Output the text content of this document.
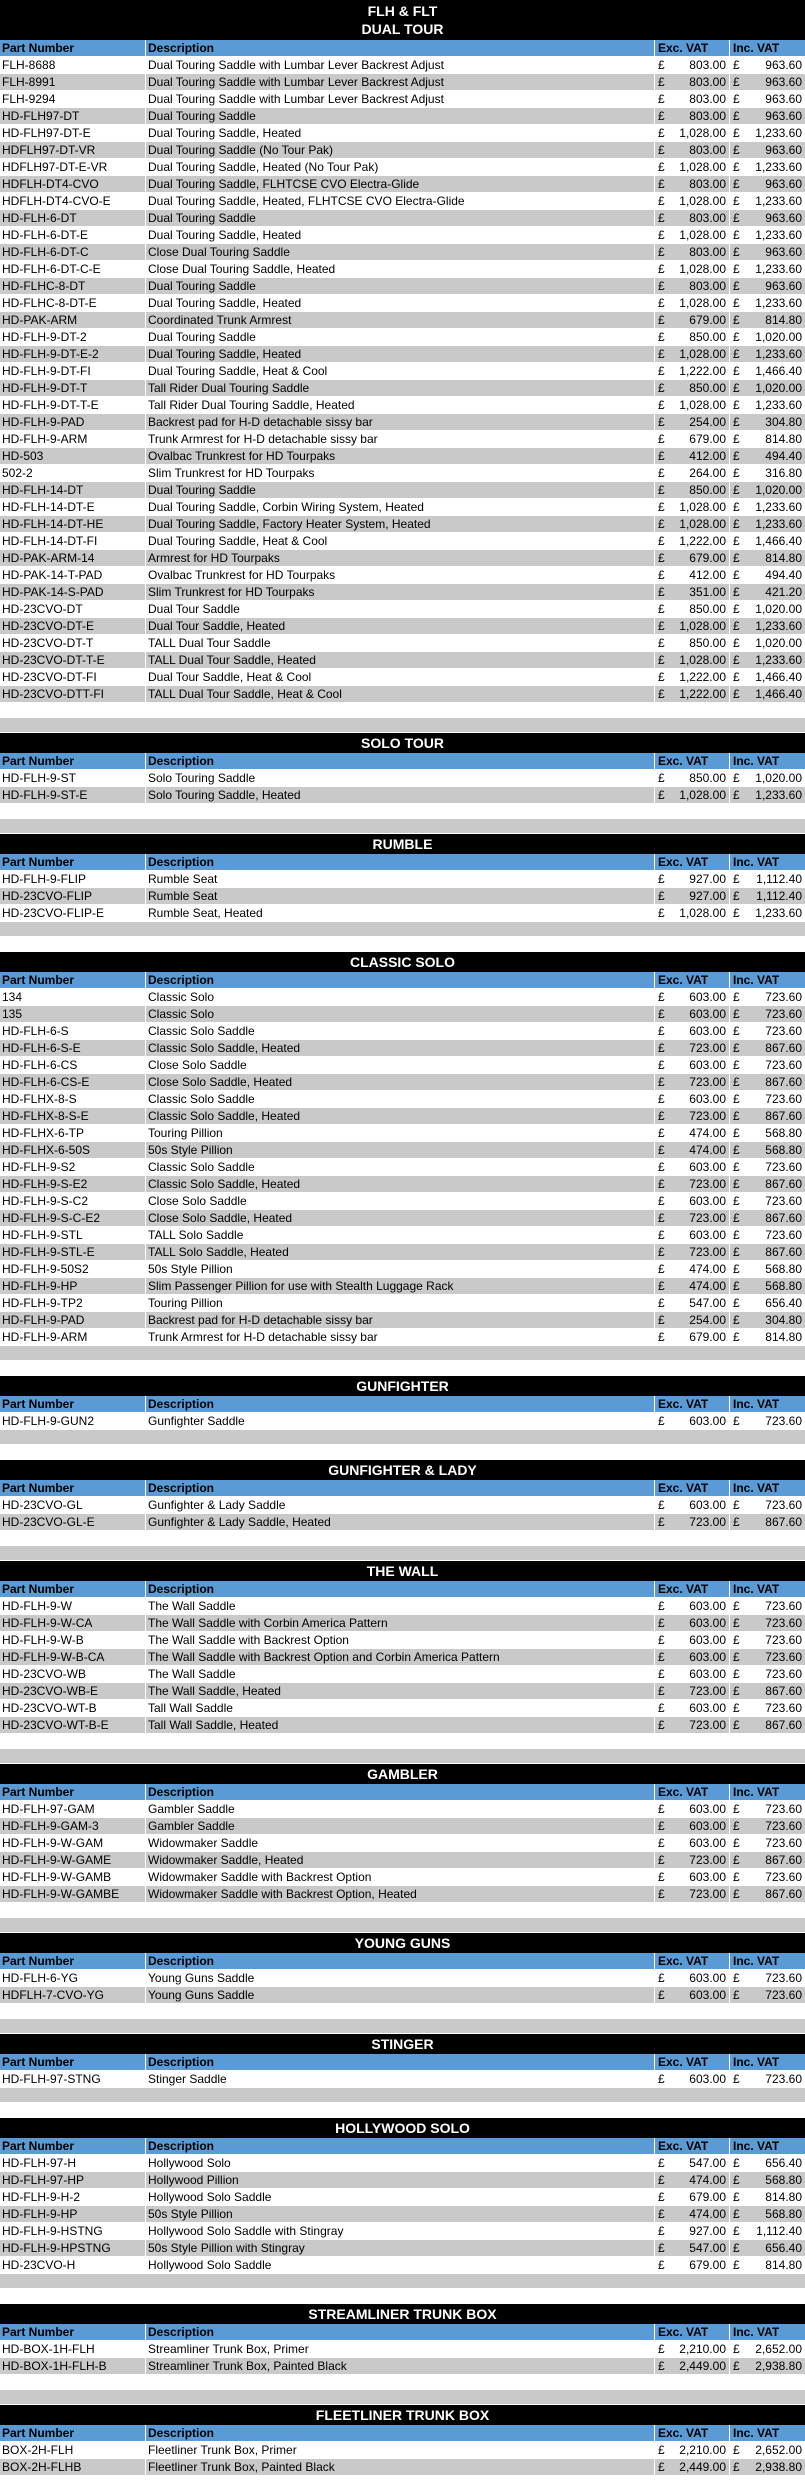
FLH & FLT
DUAL TOUR
Part Number	Description	Exc. VAT	Inc. VAT
FLH-8688	Dual Touring Saddle with Lumbar Lever Backrest Adjust	£ 803.00 £ 963.60
FLH-8991	Dual Touring Saddle with Lumbar Lever Backrest Adjust	£ 803.00 £ 963.60
FLH-9294	Dual Touring Saddle with Lumbar Lever Backrest Adjust	£ 803.00 £ 963.60
HD-FLH97-DT	Dual Touring Saddle	£ 803.00 £ 963.60
HD-FLH97-DT-E	Dual Touring Saddle, Heated	£ 1,028.00 £ 1,233.60
HDFLH97-DT-VR	Dual Touring Saddle (No Tour Pak)	£ 803.00 £ 963.60
HDFLH97-DT-E-VR	Dual Touring Saddle, Heated (No Tour Pak)	£ 1,028.00 £ 1,233.60
HDFLH-DT4-CVO	Dual Touring Saddle, FLHTCSE CVO Electra-Glide	£ 803.00 £ 963.60
HDFLH-DT4-CVO-E	Dual Touring Saddle, Heated, FLHTCSE CVO Electra-Glide	£ 1,028.00 £ 1,233.60
HD-FLH-6-DT	Dual Touring Saddle	£ 803.00 £ 963.60
HD-FLH-6-DT-E	Dual Touring Saddle, Heated	£ 1,028.00 £ 1,233.60
HD-FLH-6-DT-C	Close Dual Touring Saddle	£ 803.00 £ 963.60
HD-FLH-6-DT-C-E	Close Dual Touring Saddle, Heated	£ 1,028.00 £ 1,233.60
HD-FLHC-8-DT	Dual Touring Saddle	£ 803.00 £ 963.60
HD-FLHC-8-DT-E	Dual Touring Saddle, Heated	£ 1,028.00 £ 1,233.60
HD-PAK-ARM	Coordinated Trunk Armrest	£ 679.00 £ 814.80
HD-FLH-9-DT-2	Dual Touring Saddle	£ 850.00 £ 1,020.00
HD-FLH-9-DT-E-2	Dual Touring Saddle, Heated	£ 1,028.00 £ 1,233.60
HD-FLH-9-DT-FI	Dual Touring Saddle, Heat & Cool	£ 1,222.00 £ 1,466.40
HD-FLH-9-DT-T	Tall Rider Dual Touring Saddle	£ 850.00 £ 1,020.00
HD-FLH-9-DT-T-E	Tall Rider Dual Touring Saddle, Heated	£ 1,028.00 £ 1,233.60
HD-FLH-9-PAD	Backrest pad for H-D detachable sissy bar	£ 254.00 £ 304.80
HD-FLH-9-ARM	Trunk Armrest for H-D detachable sissy bar	£ 679.00 £ 814.80
HD-503	Ovalbac Trunkrest for HD Tourpaks	£ 412.00 £ 494.40
502-2	Slim Trunkrest for HD Tourpaks	£ 264.00 £ 316.80
HD-FLH-14-DT	Dual Touring Saddle	£ 850.00 £ 1,020.00
HD-FLH-14-DT-E	Dual Touring Saddle, Corbin Wiring System, Heated	£ 1,028.00 £ 1,233.60
HD-FLH-14-DT-HE	Dual Touring Saddle, Factory Heater System, Heated	£ 1,028.00 £ 1,233.60
HD-FLH-14-DT-FI	Dual Touring Saddle, Heat & Cool	£ 1,222.00 £ 1,466.40
HD-PAK-ARM-14	Armrest for HD Tourpaks	£ 679.00 £ 814.80
HD-PAK-14-T-PAD	Ovalbac Trunkrest for HD Tourpaks	£ 412.00 £ 494.40
HD-PAK-14-S-PAD	Slim Trunkrest for HD Tourpaks	£ 351.00 £ 421.20
HD-23CVO-DT	Dual Tour Saddle	£ 850.00 £ 1,020.00
HD-23CVO-DT-E	Dual Tour Saddle, Heated	£ 1,028.00 £ 1,233.60
HD-23CVO-DT-T	TALL Dual Tour Saddle	£ 850.00 £ 1,020.00
HD-23CVO-DT-T-E	TALL Dual Tour Saddle, Heated	£ 1,028.00 £ 1,233.60
HD-23CVO-DT-FI	Dual Tour Saddle, Heat & Cool	£ 1,222.00 £ 1,466.40
HD-23CVO-DTT-FI	TALL Dual Tour Saddle, Heat & Cool	£ 1,222.00 £ 1,466.40
SOLO TOUR
Part Number	Description	Exc. VAT	Inc. VAT
HD-FLH-9-ST	Solo Touring Saddle	£ 850.00 £ 1,020.00
HD-FLH-9-ST-E	Solo Touring Saddle, Heated	£ 1,028.00 £ 1,233.60
RUMBLE
Part Number	Description	Exc. VAT	Inc. VAT
HD-FLH-9-FLIP	Rumble Seat	£ 927.00 £ 1,112.40
HD-23CVO-FLIP	Rumble Seat	£ 927.00 £ 1,112.40
HD-23CVO-FLIP-E	Rumble Seat, Heated	£ 1,028.00 £ 1,233.60
CLASSIC SOLO
Part Number	Description	Exc. VAT	Inc. VAT
134	Classic Solo	£ 603.00 £ 723.60
135	Classic Solo	£ 603.00 £ 723.60
HD-FLH-6-S	Classic Solo Saddle	£ 603.00 £ 723.60
HD-FLH-6-S-E	Classic Solo Saddle, Heated	£ 723.00 £ 867.60
HD-FLH-6-CS	Close Solo Saddle	£ 603.00 £ 723.60
HD-FLH-6-CS-E	Close Solo Saddle, Heated	£ 723.00 £ 867.60
HD-FLHX-8-S	Classic Solo Saddle	£ 603.00 £ 723.60
HD-FLHX-8-S-E	Classic Solo Saddle, Heated	£ 723.00 £ 867.60
HD-FLHX-6-TP	Touring Pillion	£ 474.00 £ 568.80
HD-FLHX-6-50S	50s Style Pillion	£ 474.00 £ 568.80
HD-FLH-9-S2	Classic Solo Saddle	£ 603.00 £ 723.60
HD-FLH-9-S-E2	Classic Solo Saddle, Heated	£ 723.00 £ 867.60
HD-FLH-9-S-C2	Close Solo Saddle	£ 603.00 £ 723.60
HD-FLH-9-S-C-E2	Close Solo Saddle, Heated	£ 723.00 £ 867.60
HD-FLH-9-STL	TALL Solo Saddle	£ 603.00 £ 723.60
HD-FLH-9-STL-E	TALL Solo Saddle, Heated	£ 723.00 £ 867.60
HD-FLH-9-50S2	50s Style Pillion	£ 474.00 £ 568.80
HD-FLH-9-HP	Slim Passenger Pillion for use with Stealth Luggage Rack	£ 474.00 £ 568.80
HD-FLH-9-TP2	Touring Pillion	£ 547.00 £ 656.40
HD-FLH-9-PAD	Backrest pad for H-D detachable sissy bar	£ 254.00 £ 304.80
HD-FLH-9-ARM	Trunk Armrest for H-D detachable sissy bar	£ 679.00 £ 814.80
GUNFIGHTER
Part Number	Description	Exc. VAT	Inc. VAT
HD-FLH-9-GUN2	Gunfighter Saddle	£ 603.00 £ 723.60
GUNFIGHTER & LADY
Part Number	Description	Exc. VAT	Inc. VAT
HD-23CVO-GL	Gunfighter & Lady Saddle	£ 603.00 £ 723.60
HD-23CVO-GL-E	Gunfighter & Lady Saddle, Heated	£ 723.00 £ 867.60
THE WALL
Part Number	Description	Exc. VAT	Inc. VAT
HD-FLH-9-W	The Wall Saddle	£ 603.00 £ 723.60
HD-FLH-9-W-CA	The Wall Saddle with Corbin America Pattern	£ 603.00 £ 723.60
HD-FLH-9-W-B	The Wall Saddle with Backrest Option	£ 603.00 £ 723.60
HD-FLH-9-W-B-CA	The Wall Saddle with Backrest Option and Corbin America Pattern	£ 603.00 £ 723.60
HD-23CVO-WB	The Wall Saddle	£ 603.00 £ 723.60
HD-23CVO-WB-E	The Wall Saddle, Heated	£ 723.00 £ 867.60
HD-23CVO-WT-B	Tall Wall Saddle	£ 603.00 £ 723.60
HD-23CVO-WT-B-E	Tall Wall Saddle, Heated	£ 723.00 £ 867.60
GAMBLER
Part Number	Description	Exc. VAT	Inc. VAT
HD-FLH-97-GAM	Gambler Saddle	£ 603.00 £ 723.60
HD-FLH-9-GAM-3	Gambler Saddle	£ 603.00 £ 723.60
HD-FLH-9-W-GAM	Widowmaker Saddle	£ 603.00 £ 723.60
HD-FLH-9-W-GAME	Widowmaker Saddle, Heated	£ 723.00 £ 867.60
HD-FLH-9-W-GAMB	Widowmaker Saddle with Backrest Option	£ 603.00 £ 723.60
HD-FLH-9-W-GAMBE	Widowmaker Saddle with Backrest Option, Heated	£ 723.00 £ 867.60
YOUNG GUNS
Part Number	Description	Exc. VAT	Inc. VAT
HD-FLH-6-YG	Young Guns Saddle	£ 603.00 £ 723.60
HDFLH-7-CVO-YG	Young Guns Saddle	£ 603.00 £ 723.60
STINGER
Part Number	Description	Exc. VAT	Inc. VAT
HD-FLH-97-STNG	Stinger Saddle	£ 603.00 £ 723.60
HOLLYWOOD SOLO
Part Number	Description	Exc. VAT	Inc. VAT
HD-FLH-97-H	Hollywood Solo	£ 547.00 £ 656.40
HD-FLH-97-HP	Hollywood Pillion	£ 474.00 £ 568.80
HD-FLH-9-H-2	Hollywood Solo Saddle	£ 679.00 £ 814.80
HD-FLH-9-HP	50s Style Pillion	£ 474.00 £ 568.80
HD-FLH-9-HSTNG	Hollywood Solo Saddle with Stingray	£ 927.00 £ 1,112.40
HD-FLH-9-HPSTNG	50s Style Pillion with Stingray	£ 547.00 £ 656.40
HD-23CVO-H	Hollywood Solo Saddle	£ 679.00 £ 814.80
STREAMLINER TRUNK BOX
Part Number	Description	Exc. VAT	Inc. VAT
HD-BOX-1H-FLH	Streamliner Trunk Box, Primer	£ 2,210.00 £ 2,652.00
HD-BOX-1H-FLH-B	Streamliner Trunk Box, Painted Black	£ 2,449.00 £ 2,938.80
FLEETLINER TRUNK BOX
Part Number	Description	Exc. VAT	Inc. VAT
BOX-2H-FLH	Fleetliner Trunk Box, Primer	£ 2,210.00 £ 2,652.00
BOX-2H-FLHB	Fleetliner Trunk Box, Painted Black	£ 2,449.00 £ 2,938.80
